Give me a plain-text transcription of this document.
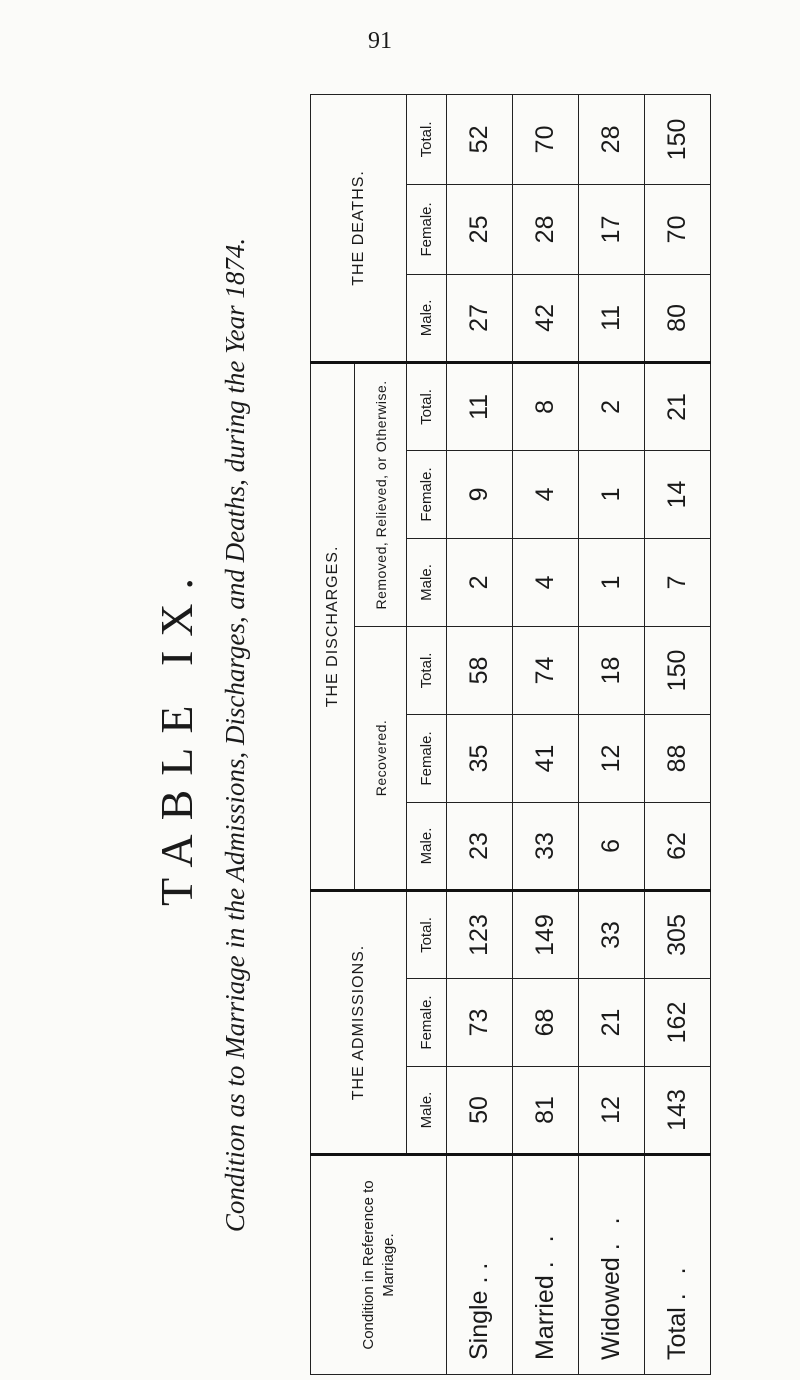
91
TABLE IX. Condition as to Marriage in the Admissions, Discharges, and Deaths, during the Year 1874.
Condition in Reference to Marriage.	THE ADMISSIONS.			THE DISCHARGES.						THE DEATHS.		
				Recovered.			Removed, Relieved, or Otherwise.					
	Male.	Female.	Total.	Male.	Female.	Total.	Male.	Female.	Total.	Male.	Female.	Total.
Single . .	50	73	123	23	35	58	2	9	11	27	25	52
Married . .	81	68	149	33	41	74	4	4	8	42	28	70
Widowed . .	12	21	33	6	12	18	1	1	2	11	17	28
Total . .	143	162	305	62	88	150	7	14	21	80	70	150
